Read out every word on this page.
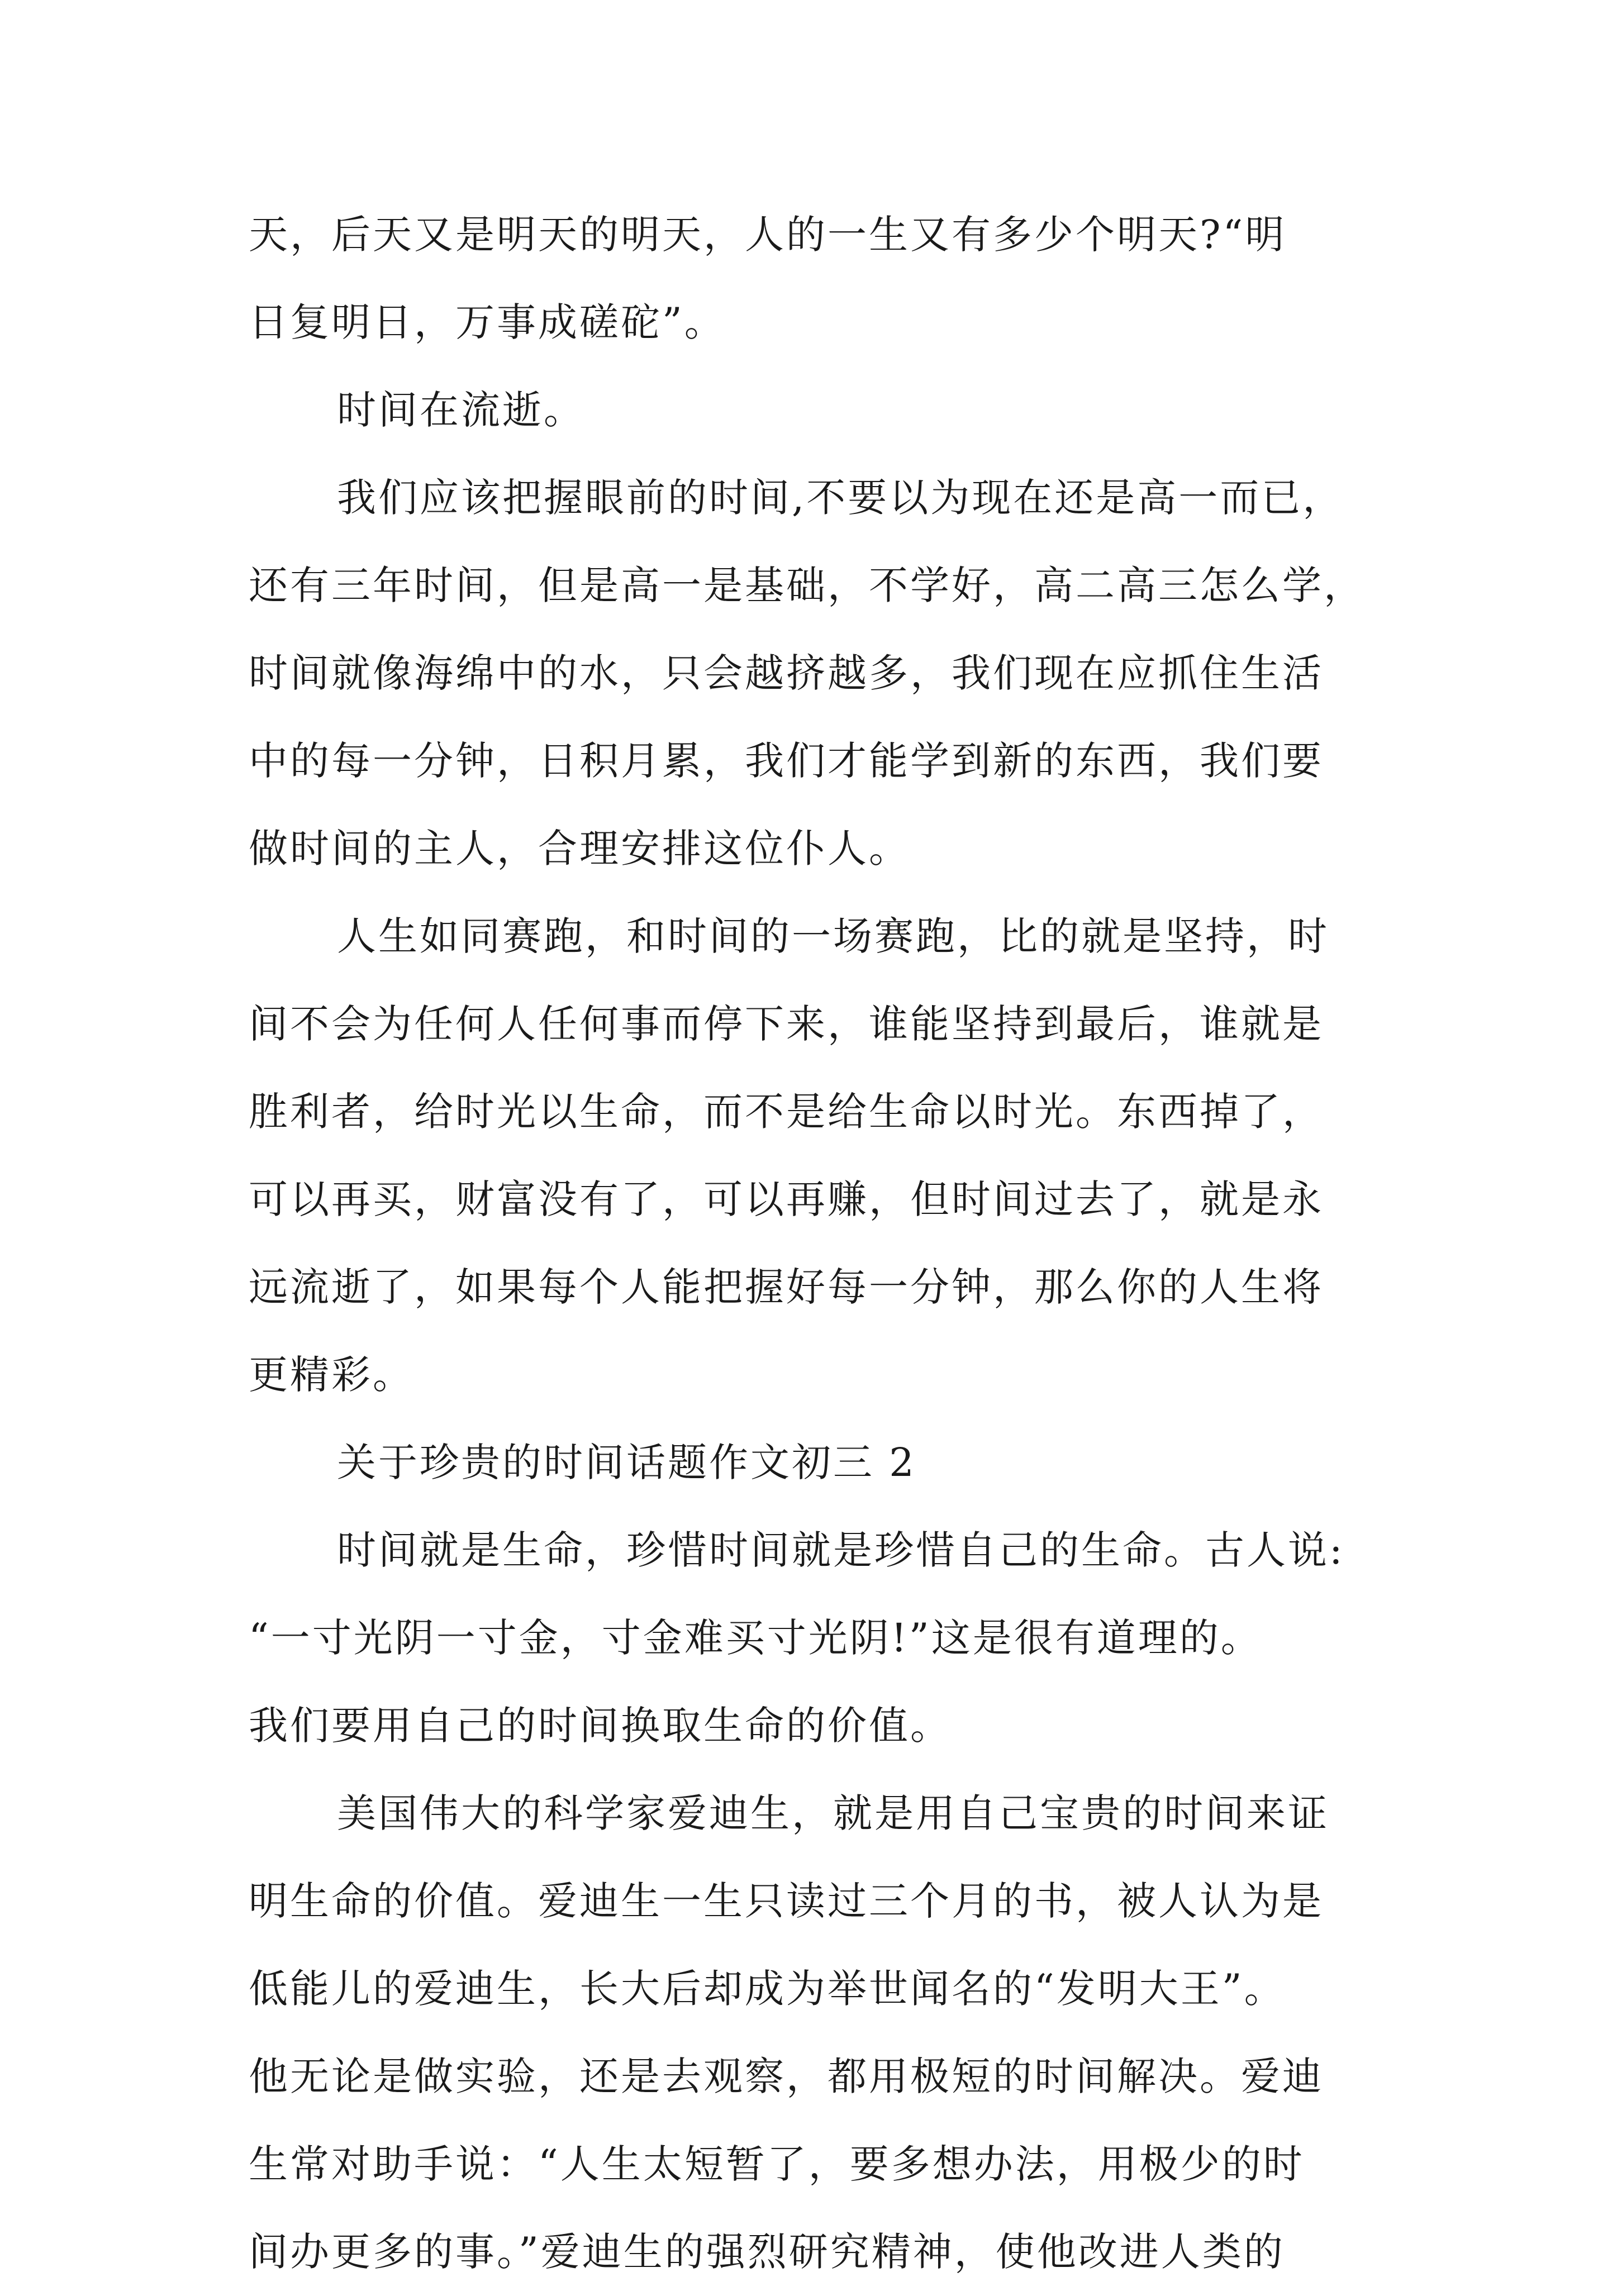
天，后天又是明天的明天，人的一生又有多少个明天?“明
日复明日，万事成磋砣”。
时间在流逝。
我们应该把握眼前的时间,不要以为现在还是高一而已，
还有三年时间，但是高一是基础，不学好，高二高三怎么学，
时间就像海绵中的水，只会越挤越多，我们现在应抓住生活
中的每一分钟，日积月累，我们才能学到新的东西，我们要
做时间的主人，合理安排这位仆人。
人生如同赛跑，和时间的一场赛跑，比的就是坚持，时
间不会为任何人任何事而停下来，谁能坚持到最后，谁就是
胜利者，给时光以生命，而不是给生命以时光。东西掉了，
可以再买，财富没有了，可以再赚，但时间过去了，就是永
远流逝了，如果每个人能把握好每一分钟，那么你的人生将
更精彩。
关于珍贵的时间话题作文初三 2
时间就是生命，珍惜时间就是珍惜自己的生命。古人说:
“一寸光阴一寸金，寸金难买寸光阴!”这是很有道理的。
我们要用自己的时间换取生命的价值。
美国伟大的科学家爱迪生，就是用自己宝贵的时间来证
明生命的价值。爱迪生一生只读过三个月的书，被人认为是
低能儿的爱迪生，长大后却成为举世闻名的“发明大王”。
他无论是做实验，还是去观察，都用极短的时间解决。爱迪
生常对助手说：“人生太短暂了，要多想办法，用极少的时
间办更多的事。”爱迪生的强烈研究精神，使他改进人类的
